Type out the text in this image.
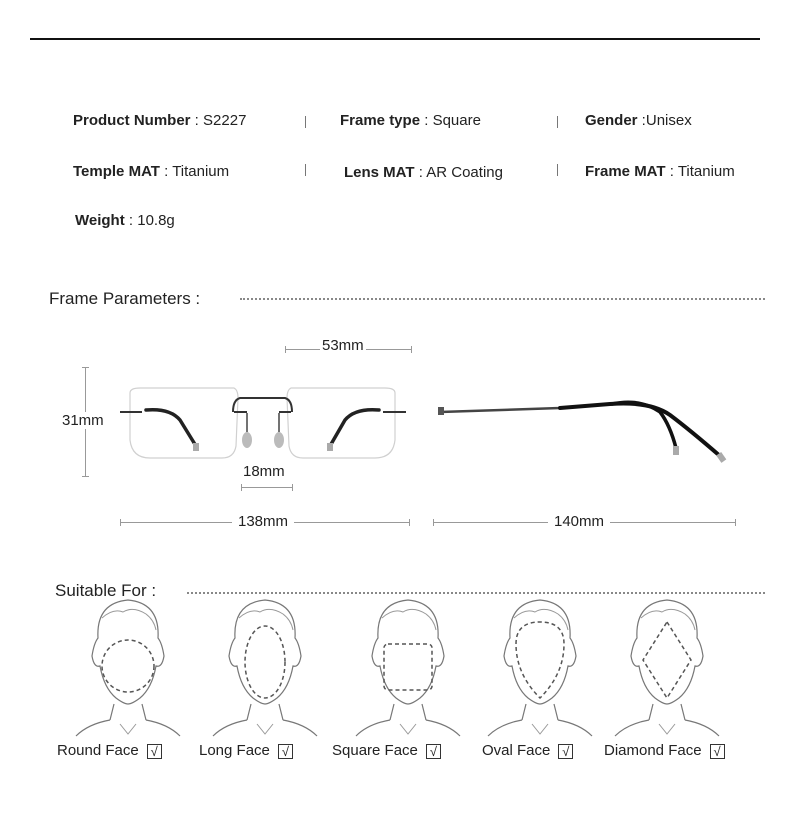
Product Number : S2227	Frame type : Square	Gender :Unisex
Temple MAT : Titanium	Lens MAT : AR Coating	Frame MAT : Titanium
Weight : 10.8g
Frame Parameters :
53mm
31mm
18mm
138mm	140mm
Suitable For :
Round Face √	Long Face √	Square Face √	Oval Face √ Diamond Face √
